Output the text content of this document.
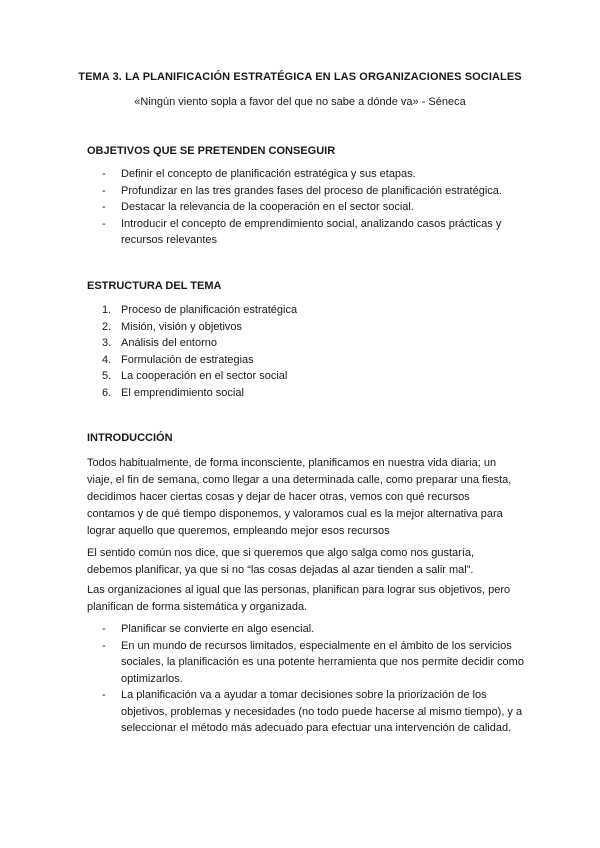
TEMA 3. LA PLANIFICACIÓN ESTRATÉGICA EN LAS ORGANIZACIONES SOCIALES
«Ningún viento sopla a favor del que no sabe a dónde va» - Séneca
OBJETIVOS QUE SE PRETENDEN CONSEGUIR
- Definir el concepto de planificación estratégica y sus etapas.
- Profundizar en las tres grandes fases del proceso de planificación estratégica.
- Destacar la relevancia de la cooperación en el sector social.
- Introducir el concepto de emprendimiento social, analizando casos prácticas y recursos relevantes
ESTRUCTURA DEL TEMA
1. Proceso de planificación estratégica
2. Misión, visión y objetivos
3. Análisis del entorno
4. Formulación de estrategias
5. La cooperación en el sector social
6. El emprendimiento social
INTRODUCCIÓN

Todos habitualmente, de forma inconsciente, planificamos en nuestra vida diaria; un viaje, el fin de semana, como llegar a una determinada calle, como preparar una fiesta, decidimos hacer ciertas cosas y dejar de hacer otras, vemos con qué recursos contamos y de qué tiempo disponemos, y valoramos cual es la mejor alternativa para lograr aquello que queremos, empleando mejor esos recursos

El sentido común nos dice, que si queremos que algo salga como nos gustaría, debemos planificar, ya que si no “las cosas dejadas al azar tienden a salir mal”.

Las organizaciones al igual que las personas, planifican para lograr sus objetivos, pero planifican de forma sistemática y organizada.

- Planificar se convierte en algo esencial.
- En un mundo de recursos limitados, especialmente en el ámbito de los servicios sociales, la planificación es una potente herramienta que nos permite decidir como optimizarlos.
- La planificación va a ayudar a tomar decisiones sobre la priorización de los objetivos, problemas y necesidades (no todo puede hacerse al mismo tiempo), y a seleccionar el método más adecuado para efectuar una intervención de calidad.
